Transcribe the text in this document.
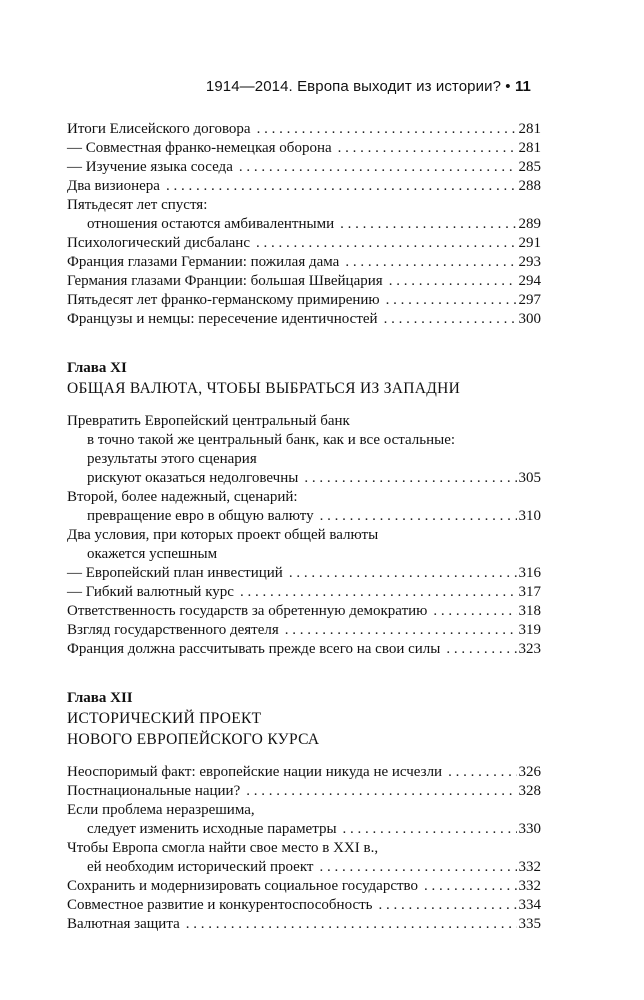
1914—2014. Европа выходит из истории? • 11
Итоги Елисейского договора . . .	281
— Совместная франко-немецкая оборона . . .	281
— Изучение языка соседа . . .	285
Два визионера . . .	288
Пятьдесят лет спустя:
отношения остаются амбивалентными . . .	289
Психологический дисбаланс . . .	291
Франция глазами Германии: пожилая дама . . .	293
Германия глазами Франции: большая Швейцария . . .	294
Пятьдесят лет франко-германскому примирению . . .	297
Французы и немцы: пересечение идентичностей . . .	300
Глава XI
ОБЩАЯ ВАЛЮТА, ЧТОБЫ ВЫБРАТЬСЯ ИЗ ЗАПАДНИ
Превратить Европейский центральный банк
в точно такой же центральный банк, как и все остальные:
результаты этого сценария
рискуют оказаться недолговечны . . .	305
Второй, более надежный, сценарий:
превращение евро в общую валюту . . .	310
Два условия, при которых проект общей валюты
окажется успешным
— Европейский план инвестиций . . .	316
— Гибкий валютный курс . . .	317
Ответственность государств за обретенную демократию . . .	318
Взгляд государственного деятеля . . .	319
Франция должна рассчитывать прежде всего на свои силы . . .	323
Глава XII
ИСТОРИЧЕСКИЙ ПРОЕКТ
НОВОГО ЕВРОПЕЙСКОГО КУРСА
Неоспоримый факт: европейские нации никуда не исчезли . . .	326
Постнациональные нации? . . .	328
Если проблема неразрешима,
следует изменить исходные параметры . . .	330
Чтобы Европа смогла найти свое место в XXI в.,
ей необходим исторический проект . . .	332
Сохранить и модернизировать социальное государство . . .	332
Совместное развитие и конкурентоспособность . . .	334
Валютная защита . . .	335
